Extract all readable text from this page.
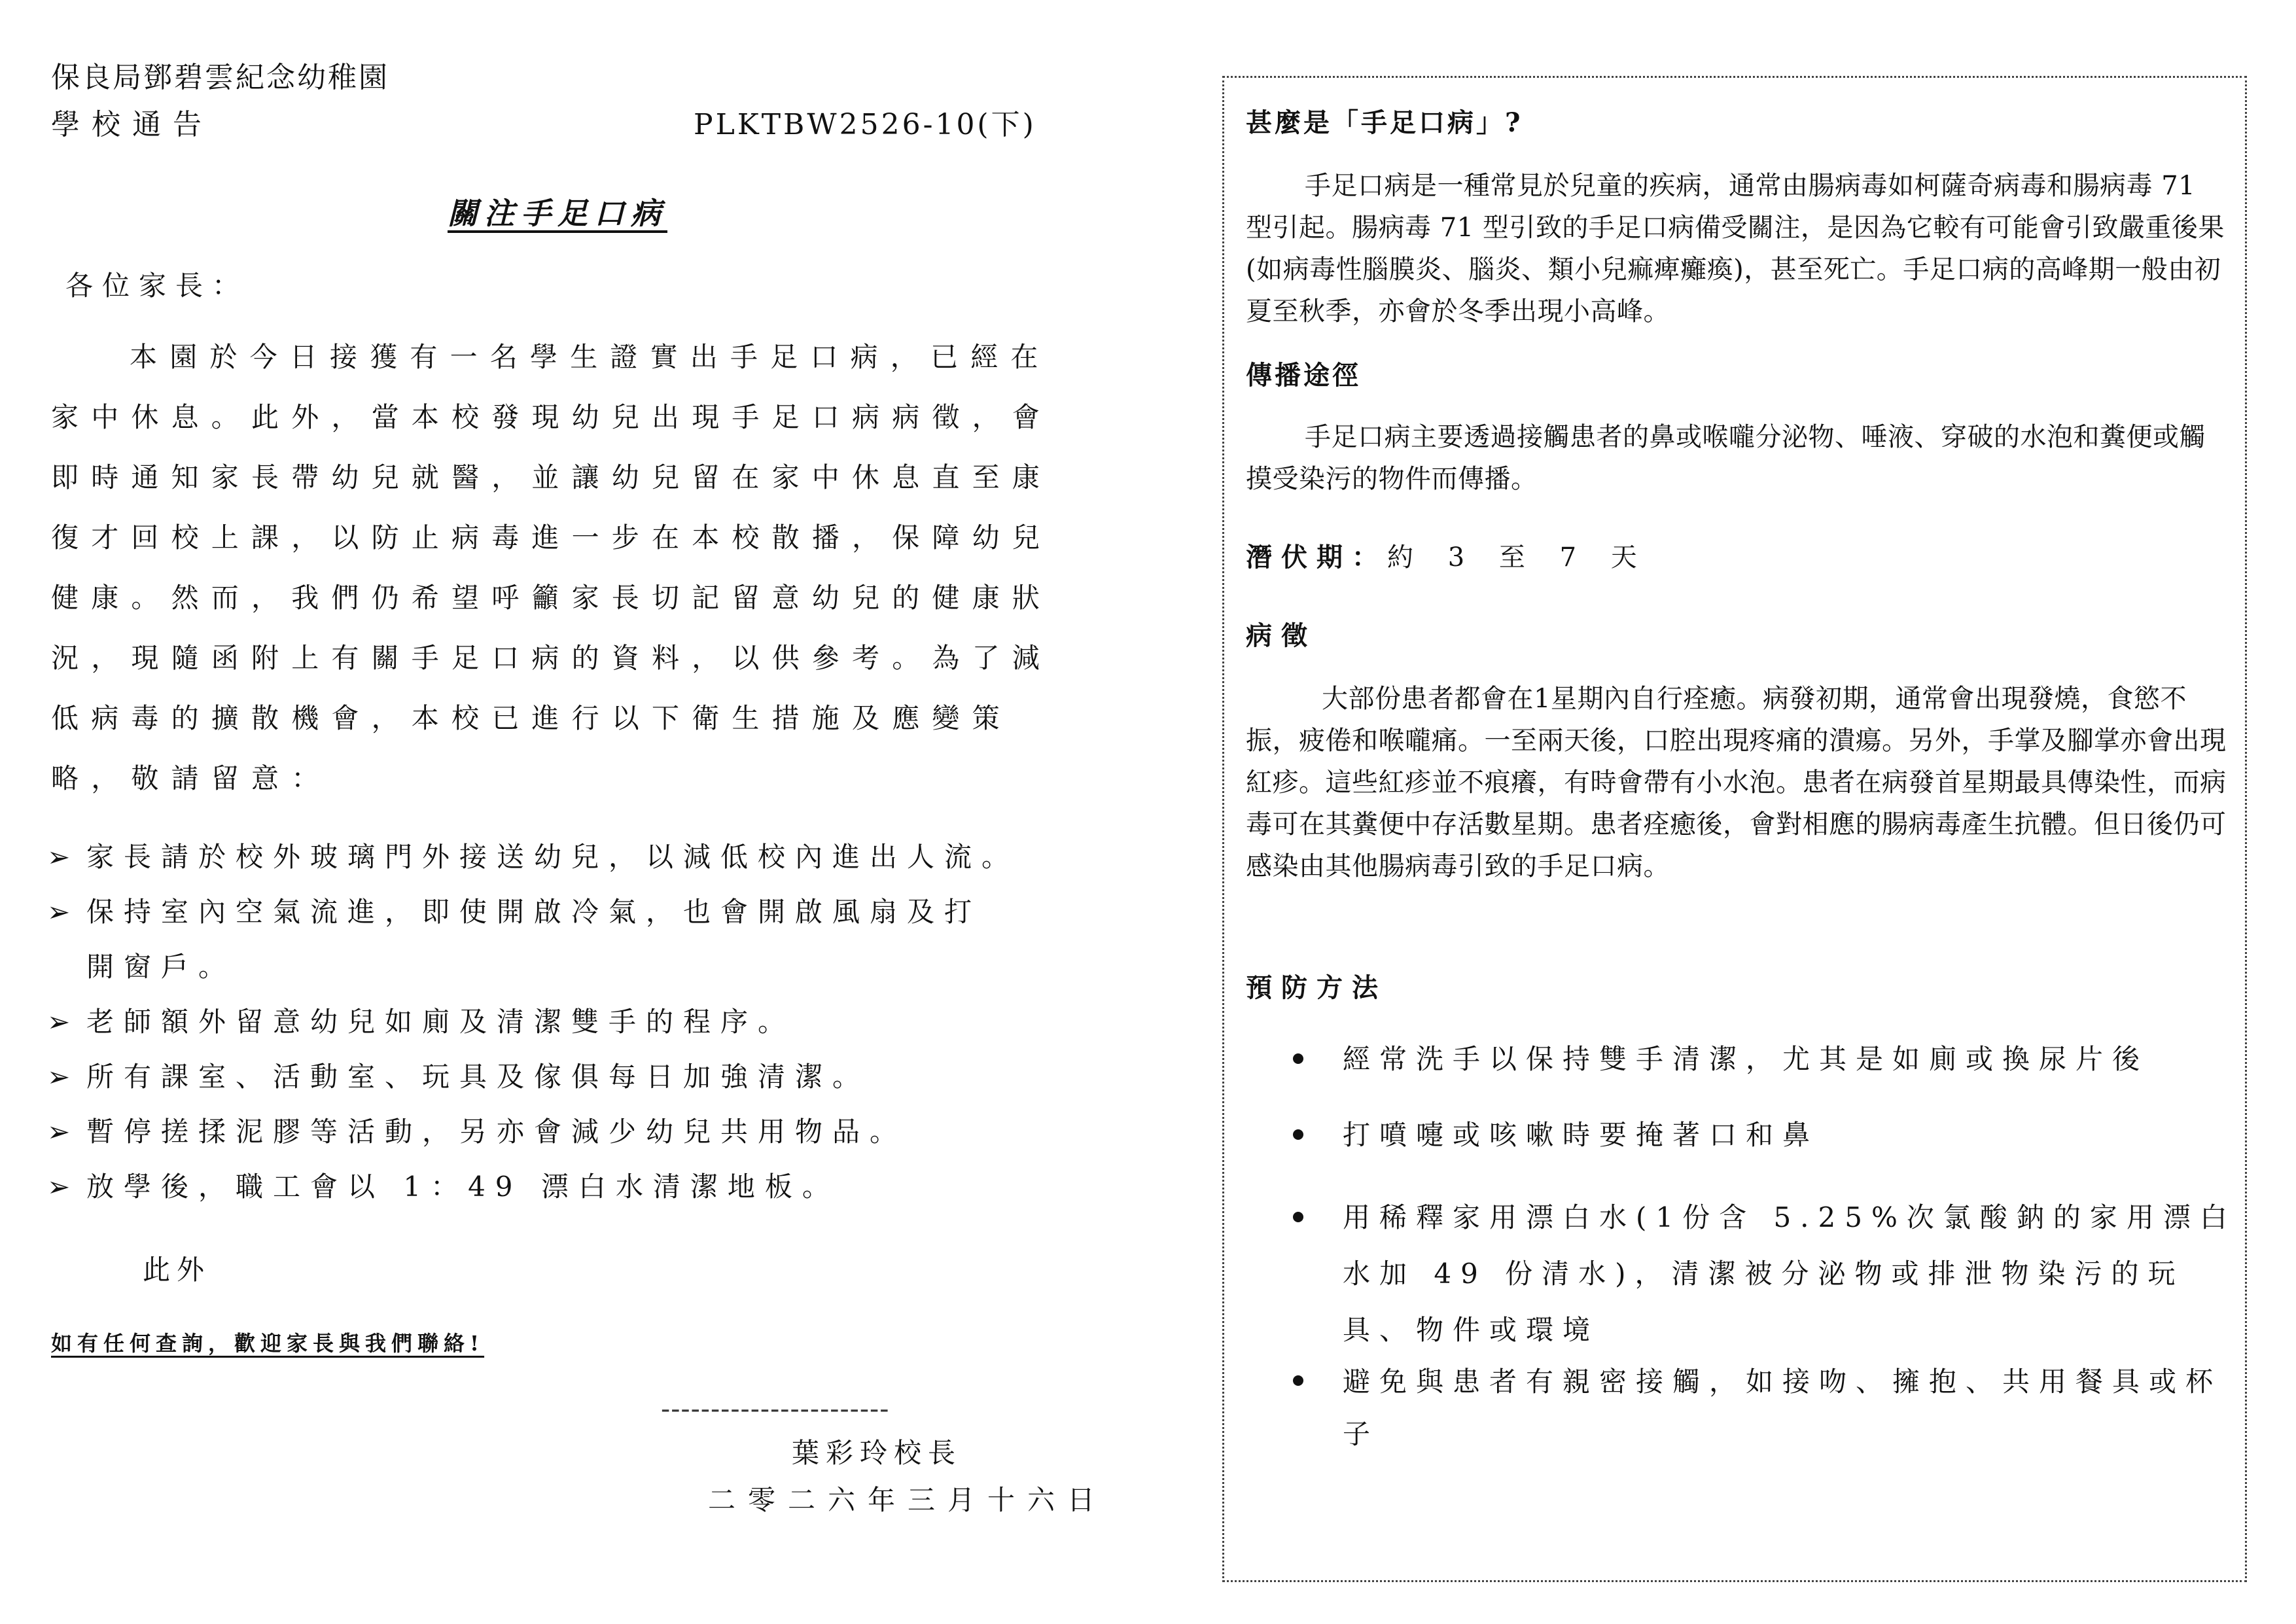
保良局鄧碧雲紀念幼稚園
學校通告	PLKTBW2526-10(下)
關注手足口病
各位家長：
本園於今日接獲有一名學生證實出手足口病，已經在家中休息。此外，當本校發現幼兒出現手足口病病徵，會即時通知家長帶幼兒就醫，並讓幼兒留在家中休息直至康復才回校上課，以防止病毒進一步在本校散播，保障幼兒健康。然而，我們仍希望呼籲家長切記留意幼兒的健康狀況，現隨函附上有關手足口病的資料，以供參考。為了減低病毒的擴散機會，本校已進行以下衛生措施及應變策略，敬請留意：
➢ 家長請於校外玻璃門外接送幼兒，以減低校內進出人流。
➢ 保持室內空氣流進，即使開啟冷氣，也會開啟風扇及打
開窗戶。
➢ 老師額外留意幼兒如廁及清潔雙手的程序。
➢ 所有課室、活動室、玩具及傢俱每日加強清潔。
➢ 暫停搓揉泥膠等活動，另亦會減少幼兒共用物品。
➢ 放學後，職工會以 1：49 漂白水清潔地板。
此外
如有任何查詢，歡迎家長與我們聯絡!
-----------------------
葉彩玲校長
二零二六年三月十六日
甚麼是「手足口病」?
手足口病是一種常見於兒童的疾病，通常由腸病毒如柯薩奇病毒和腸病毒 71 型引起。腸病毒 71 型引致的手足口病備受關注，是因為它較有可能會引致嚴重後果(如病毒性腦膜炎、腦炎、類小兒痲痺癱瘓)，甚至死亡。手足口病的高峰期一般由初夏至秋季，亦會於冬季出現小高峰。
傳播途徑
手足口病主要透過接觸患者的鼻或喉嚨分泌物、唾液、穿破的水泡和糞便或觸摸受染污的物件而傳播。
潛伏期：約 3 至 7 天
病徵
大部份患者都會在1星期內自行痊癒。病發初期，通常會出現發燒，食慾不振，疲倦和喉嚨痛。一至兩天後，口腔出現疼痛的潰瘍。另外，手掌及腳掌亦會出現紅疹。這些紅疹並不痕癢，有時會帶有小水泡。患者在病發首星期最具傳染性，而病毒可在其糞便中存活數星期。患者痊癒後，會對相應的腸病毒產生抗體。但日後仍可感染由其他腸病毒引致的手足口病。
預防方法
經常洗手以保持雙手清潔，尤其是如廁或換尿片後
打噴嚏或咳嗽時要掩著口和鼻
用稀釋家用漂白水(1份含 5.25%次氯酸鈉的家用漂白水加 49 份清水)，清潔被分泌物或排泄物染污的玩具、物件或環境
避免與患者有親密接觸，如接吻、擁抱、共用餐具或杯子
